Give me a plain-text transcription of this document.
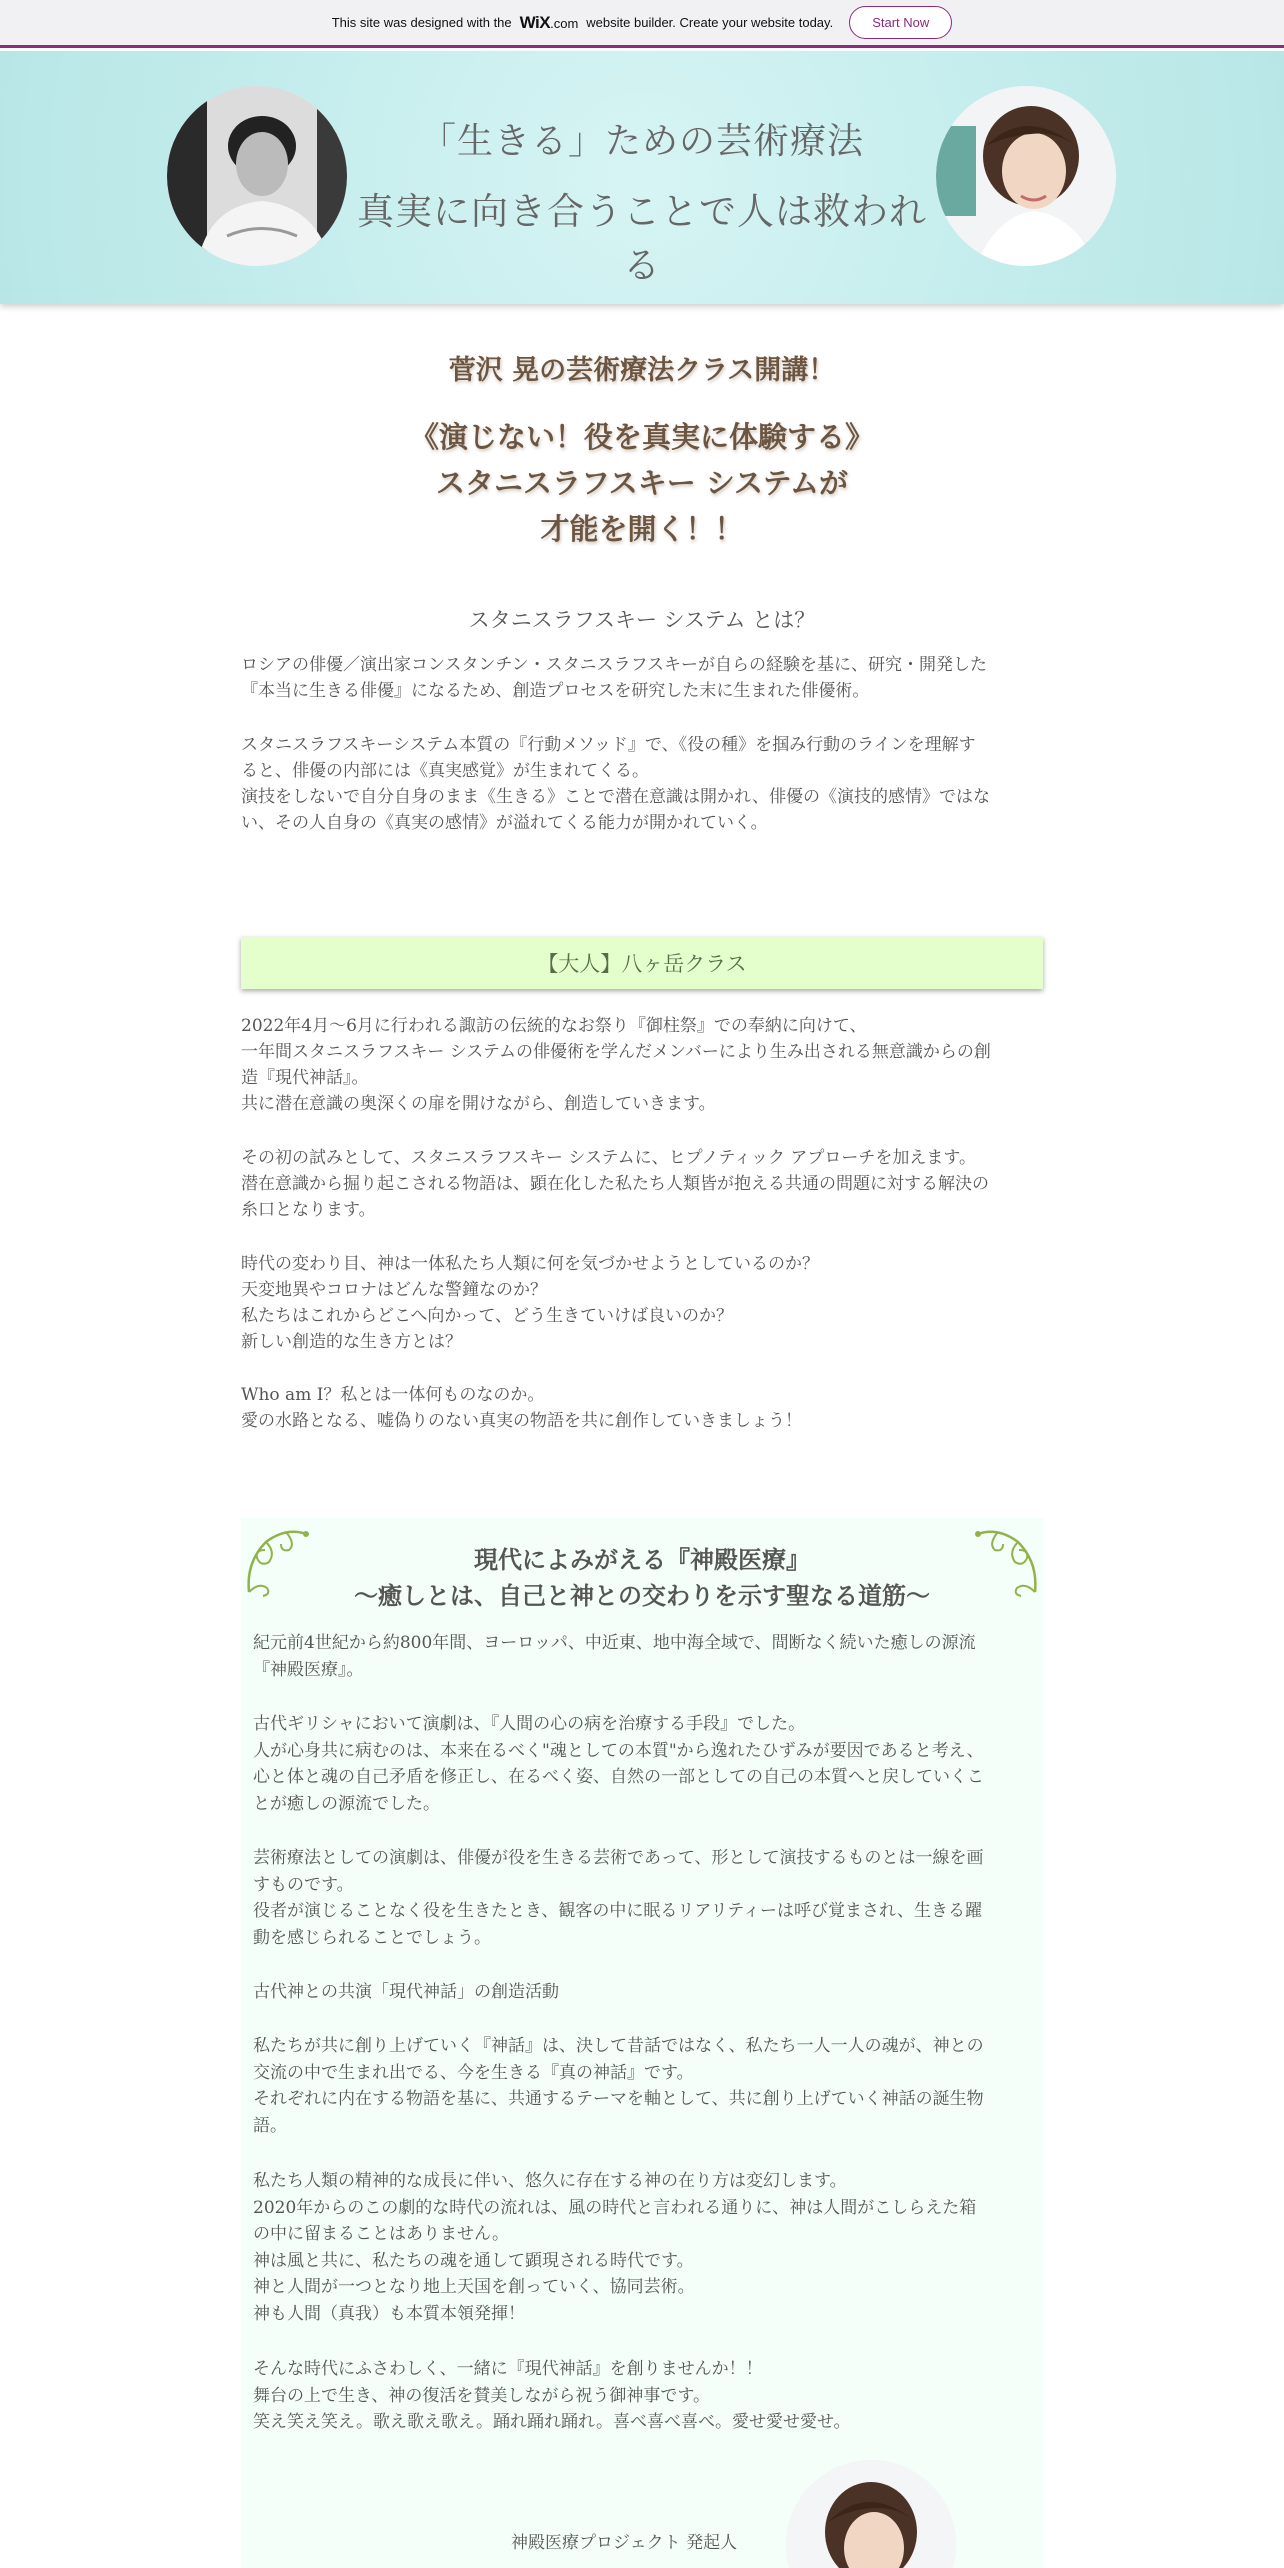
This site was designed with the WiX.com website builder. Create your website today.	Start Now
「生きる」ための芸術療法
真実に向き合うことで人は救われる
菅沢 晃の芸術療法クラス開講！
《演じない！役を真実に体験する》
スタニスラフスキー システムが
才能を開く！！
スタニスラフスキー システム とは？
ロシアの俳優／演出家コンスタンチン・スタニスラフスキーが自らの経験を基に、研究・開発した
『本当に生きる俳優』になるため、創造プロセスを研究した末に生まれた俳優術。
スタニスラフスキーシステム本質の『行動メソッド』で、《役の種》を掴み行動のラインを理解す
ると、俳優の内部には《真実感覚》が生まれてくる。
演技をしないで自分自身のまま《生きる》ことで潜在意識は開かれ、俳優の《演技的感情》ではな
い、その人自身の《真実の感情》が溢れてくる能力が開かれていく。
【大人】八ヶ岳クラス
2022年4月〜6月に行われる諏訪の伝統的なお祭り『御柱祭』での奉納に向けて、
一年間スタニスラフスキー システムの俳優術を学んだメンバーにより生み出される無意識からの創
造『現代神話』。
共に潜在意識の奥深くの扉を開けながら、創造していきます。
その初の試みとして、スタニスラフスキー システムに、ヒプノティック アプローチを加えます。
潜在意識から掘り起こされる物語は、顕在化した私たち人類皆が抱える共通の問題に対する解決の
糸口となります。
時代の変わり目、神は一体私たち人類に何を気づかせようとしているのか？
天変地異やコロナはどんな警鐘なのか？
私たちはこれからどこへ向かって、どう生きていけば良いのか？
新しい創造的な生き方とは？
Who am I？私とは一体何ものなのか。
愛の水路となる、嘘偽りのない真実の物語を共に創作していきましょう！
現代によみがえる『神殿医療』
〜癒しとは、自己と神との交わりを示す聖なる道筋〜
紀元前4世紀から約800年間、ヨーロッパ、中近東、地中海全域で、間断なく続いた癒しの源流
『神殿医療』。
古代ギリシャにおいて演劇は、『人間の心の病を治療する手段』でした。
人が心身共に病むのは、本来在るべく"魂としての本質"から逸れたひずみが要因であると考え、
心と体と魂の自己矛盾を修正し、在るべく姿、自然の一部としての自己の本質へと戻していくこ
とが癒しの源流でした。
芸術療法としての演劇は、俳優が役を生きる芸術であって、形として演技するものとは一線を画
すものです。
役者が演じることなく役を生きたとき、観客の中に眠るリアリティーは呼び覚まされ、生きる躍
動を感じられることでしょう。
古代神との共演「現代神話」の創造活動
私たちが共に創り上げていく『神話』は、決して昔話ではなく、私たち一人一人の魂が、神との
交流の中で生まれ出でる、今を生きる『真の神話』です。
それぞれに内在する物語を基に、共通するテーマを軸として、共に創り上げていく神話の誕生物
語。
私たち人類の精神的な成長に伴い、悠久に存在する神の在り方は変幻します。
2020年からのこの劇的な時代の流れは、風の時代と言われる通りに、神は人間がこしらえた箱
の中に留まることはありません。
神は風と共に、私たちの魂を通して顕現される時代です。
神と人間が一つとなり地上天国を創っていく、協同芸術。
神も人間（真我）も本質本領発揮！
そんな時代にふさわしく、一緒に『現代神話』を創りませんか！！
舞台の上で生き、神の復活を賛美しながら祝う御神事です。
笑え笑え笑え。歌え歌え歌え。踊れ踊れ踊れ。喜べ喜べ喜べ。愛せ愛せ愛せ。
神殿医療プロジェクト 発起人
